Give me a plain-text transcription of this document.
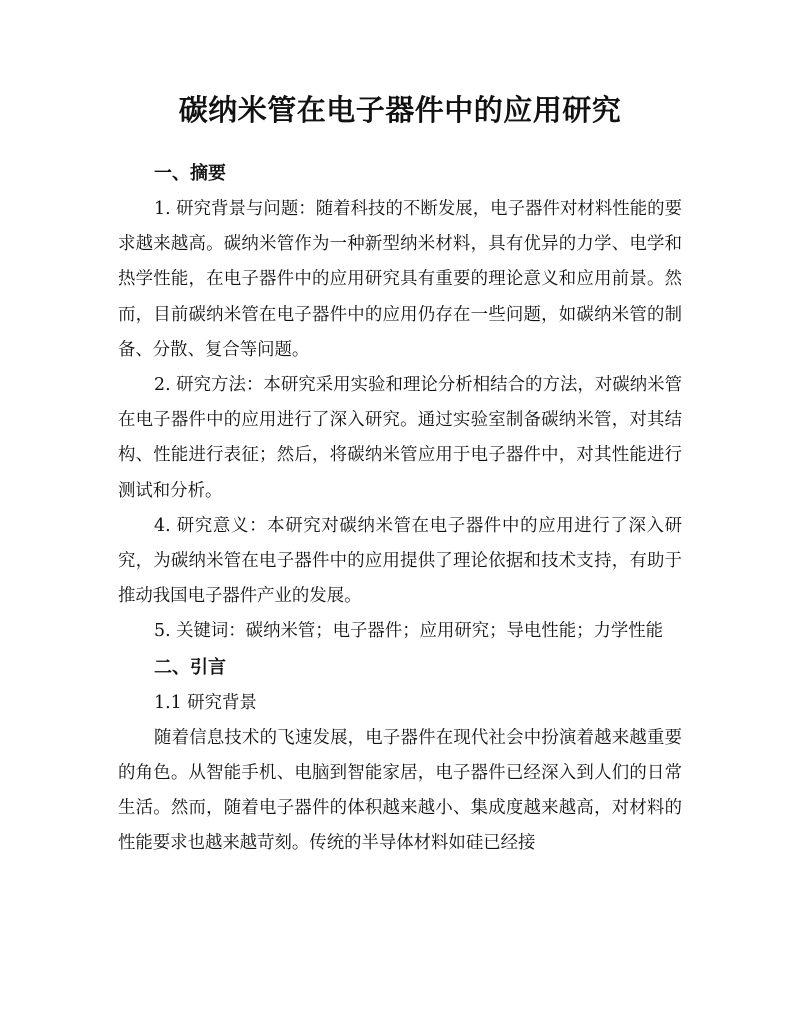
碳纳米管在电子器件中的应用研究
一、摘要

1. 研究背景与问题：随着科技的不断发展，电子器件对材料性能的要求越来越高。碳纳米管作为一种新型纳米材料，具有优异的力学、电学和热学性能，在电子器件中的应用研究具有重要的理论意义和应用前景。然而，目前碳纳米管在电子器件中的应用仍存在一些问题，如碳纳米管的制备、分散、复合等问题。

2. 研究方法：本研究采用实验和理论分析相结合的方法，对碳纳米管在电子器件中的应用进行了深入研究。通过实验室制备碳纳米管，对其结构、性能进行表征；然后，将碳纳米管应用于电子器件中，对其性能进行测试和分析。

4. 研究意义：本研究对碳纳米管在电子器件中的应用进行了深入研究，为碳纳米管在电子器件中的应用提供了理论依据和技术支持，有助于推动我国电子器件产业的发展。

5. 关键词：碳纳米管；电子器件；应用研究；导电性能；力学性能

二、引言

1.1 研究背景

随着信息技术的飞速发展，电子器件在现代社会中扮演着越来越重要的角色。从智能手机、电脑到智能家居，电子器件已经深入到人们的日常生活。然而，随着电子器件的体积越来越小、集成度越来越高，对材料的性能要求也越来越苛刻。传统的半导体材料如硅已经接
